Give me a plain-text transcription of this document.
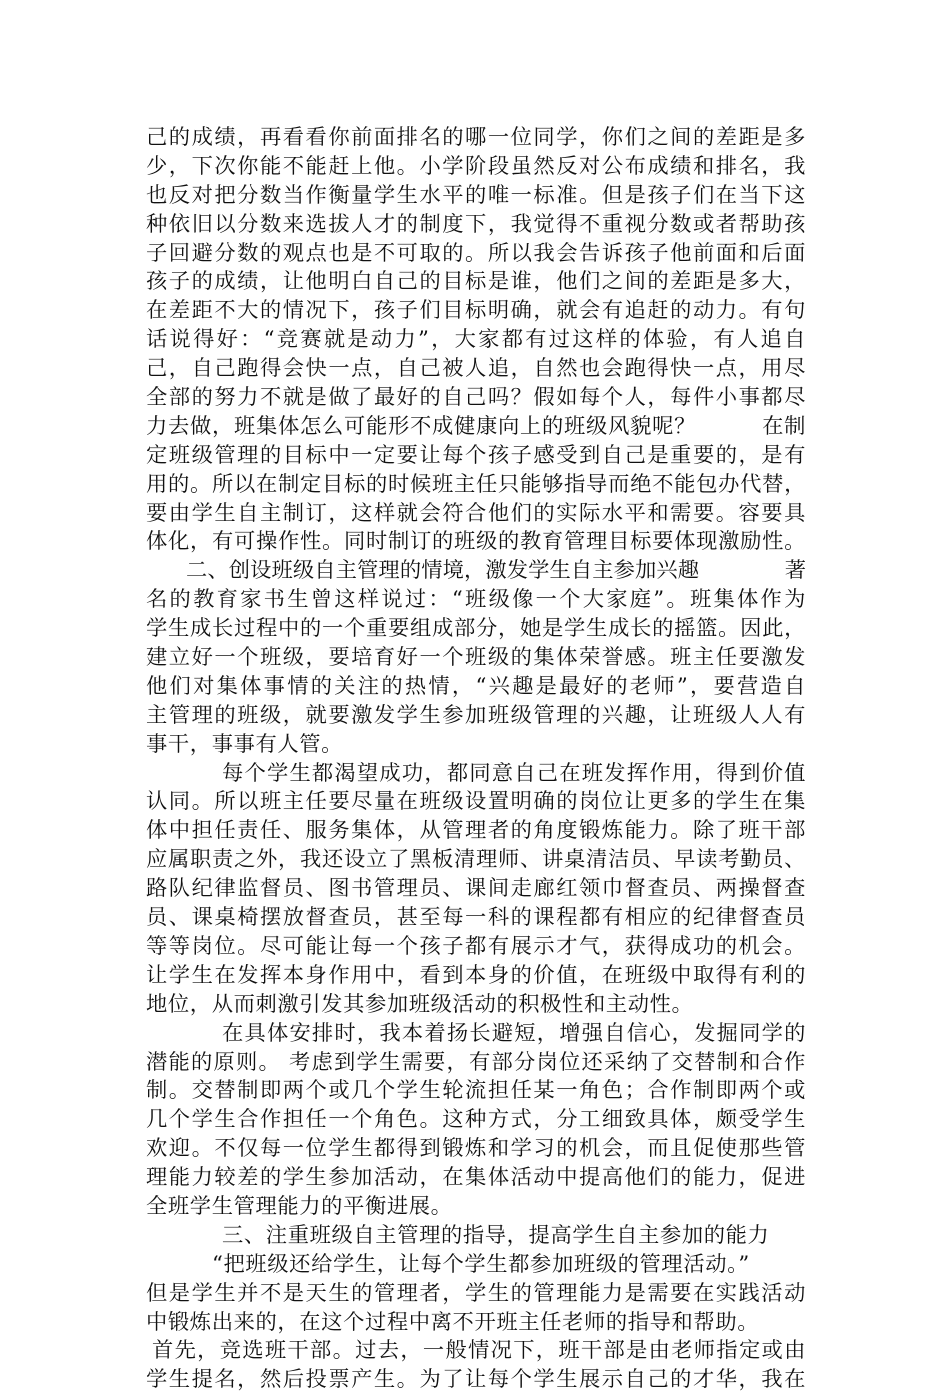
己的成绩，再看看你前面排名的哪一位同学，你们之间的差距是多
少，下次你能不能赶上他。小学阶段虽然反对公布成绩和排名，我
也反对把分数当作衡量学生水平的唯一标准。但是孩子们在当下这
种依旧以分数来选拔人才的制度下，我觉得不重视分数或者帮助孩
子回避分数的观点也是不可取的。所以我会告诉孩子他前面和后面
孩子的成绩，让他明白自己的目标是谁，他们之间的差距是多大，
在差距不大的情况下，孩子们目标明确，就会有追赶的动力。有句
话说得好：“竞赛就是动力”，大家都有过这样的体验，有人追自
己，自己跑得会快一点，自己被人追，自然也会跑得快一点，用尽
全部的努力不就是做了最好的自己吗？假如每个人，每件小事都尽
力去做，班集体怎么可能形不成健康向上的班级风貌呢？　　　在制
定班级管理的目标中一定要让每个孩子感受到自己是重要的，是有
用的。所以在制定目标的时候班主任只能够指导而绝不能包办代替，
要由学生自主制订，这样就会符合他们的实际水平和需要。容要具
体化，有可操作性。同时制订的班级的教育管理目标要体现激励性。
二、创设班级自主管理的情境，激发学生自主参加兴趣　　　　著
名的教育家书生曾这样说过：“班级像一个大家庭”。班集体作为
学生成长过程中的一个重要组成部分，她是学生成长的摇篮。因此，
建立好一个班级，要培育好一个班级的集体荣誉感。班主任要激发
他们对集体事情的关注的热情，“兴趣是最好的老师”，要营造自
主管理的班级，就要激发学生参加班级管理的兴趣，让班级人人有
事干，事事有人管。
每个学生都渴望成功，都同意自己在班发挥作用，得到价值
认同。所以班主任要尽量在班级设置明确的岗位让更多的学生在集
体中担任责任、服务集体，从管理者的角度锻炼能力。除了班干部
应属职责之外，我还设立了黑板清理师、讲桌清洁员、早读考勤员、
路队纪律监督员、图书管理员、课间走廊红领巾督查员、两操督查
员、课桌椅摆放督查员，甚至每一科的课程都有相应的纪律督查员
等等岗位。尽可能让每一个孩子都有展示才气，获得成功的机会。
让学生在发挥本身作用中，看到本身的价值，在班级中取得有利的
地位，从而刺激引发其参加班级活动的积极性和主动性。
在具体安排时，我本着扬长避短，增强自信心，发掘同学的
潜能的原则。 考虑到学生需要，有部分岗位还采纳了交替制和合作
制。交替制即两个或几个学生轮流担任某一角色；合作制即两个或
几个学生合作担任一个角色。这种方式，分工细致具体，颇受学生
欢迎。不仅每一位学生都得到锻炼和学习的机会，而且促使那些管
理能力较差的学生参加活动，在集体活动中提高他们的能力，促进
全班学生管理能力的平衡进展。
三、注重班级自主管理的指导，提高学生自主参加的能力
“把班级还给学生，让每个学生都参加班级的管理活动。”
但是学生并不是天生的管理者，学生的管理能力是需要在实践活动
中锻炼出来的，在这个过程中离不开班主任老师的指导和帮助。
首先，竞选班干部。过去，一般情况下，班干部是由老师指定或由
学生提名，然后投票产生。为了让每个学生展示自己的才华，我在
